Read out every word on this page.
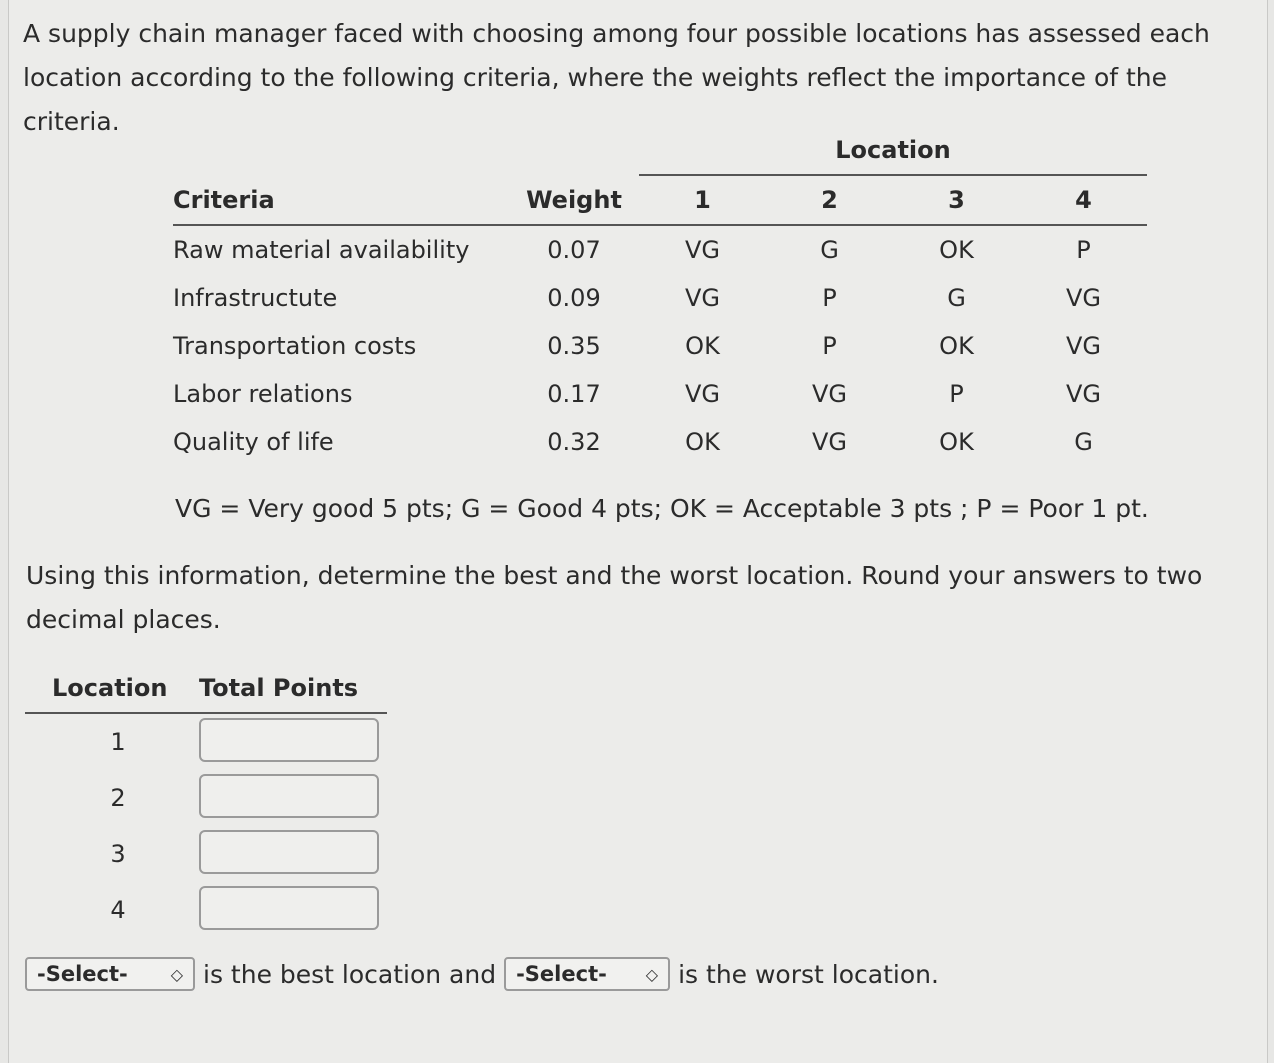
A supply chain manager faced with choosing among four possible locations has assessed each location according to the following criteria, where the weights reflect the importance of the criteria.

		Location			
Criteria	Weight	1	2	3	4
Raw material availability	0.07	VG	G	OK	P
Infrastructute	0.09	VG	P	G	VG
Transportation costs	0.35	OK	P	OK	VG
Labor relations	0.17	VG	VG	P	VG
Quality of life	0.32	OK	VG	OK	G

VG = Very good 5 pts; G = Good 4 pts; OK = Acceptable 3 pts ; P = Poor 1 pt.

Using this information, determine the best and the worst location. Round your answers to two decimal places.

Location Total Points
1
2
3
4
-Select-	◇ is the best location and -Select- ◇ is the worst location.
